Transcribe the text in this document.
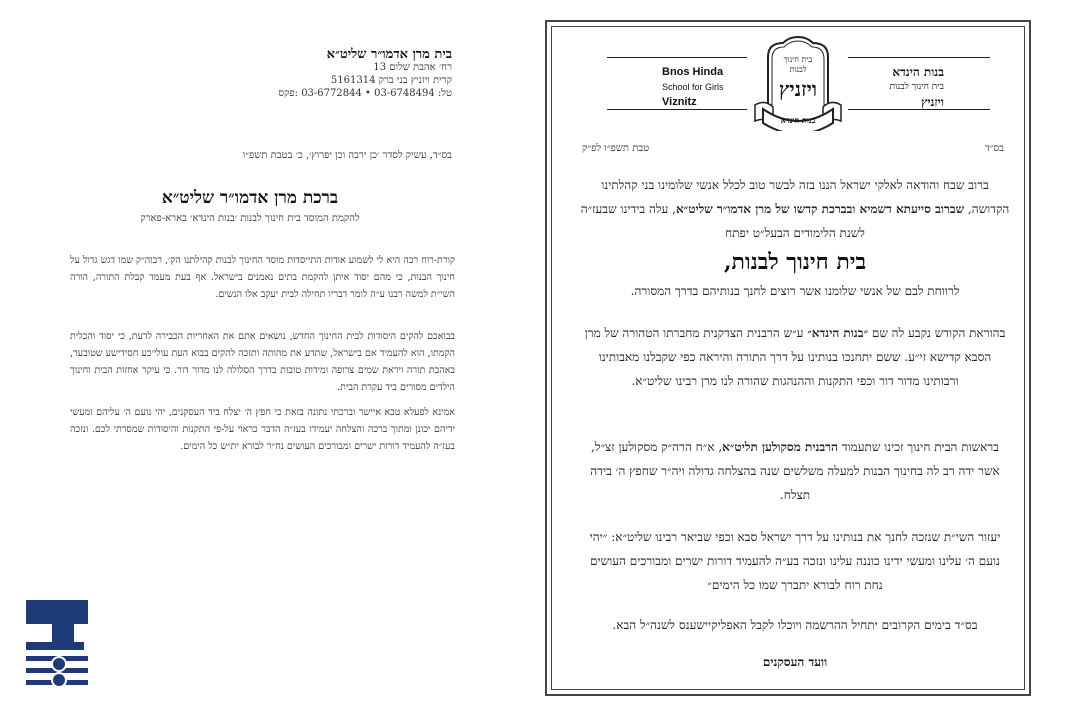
בית מרן אדמו״ר שליט״א
רח׳ אהבת שלום 13
קרית ויזניץ בני ברק 5161314
טל: 03-6748494 • 03-6772844 :פקס
בס״ד, עשיק לסדר ׳כן ירבה וכן יפרוץ׳, כ׳ בטבת תשפ״ו
ברכת מרן אדמו״ר שליט״א
להקמת המוסד בית חינוך לבנות ׳בנות הינדא׳ בארא-פארק
קורת-רוח רבה היא לי לשמוע אודות התייסדות מוסד החינוך לבנות קהילתנו הק׳, רבוה״ק שמו דגש גדול על חינוך הבנות, כי מהם יסוד איתן להקמת בתים נאמנים בישראל. אף בעת מעמד קבלת התורה, הורה השי״ת למשה רבנו ע״ה לומר דבריו תחילה לבית יעקב אלו הנשים.
בבואכם להקים היסודות לבית החינוך החדש, נושאים אתם את האחריות הכבירה לדעת, כי יסוד והכלית הקמתו, הוא להעמיד אם בישראל, שתדע את מהותה ותזכה להקים בבוא העת עולי׳כע חסידישע שטובער, באהבת תורה ויראת שמים צרופה ומידות טובות בדרך הסלולה לנו מדור דור. כי עיקר אחזות הבית וחינוך הילדים מסורים ביד עקרת הבית.
אמינא לפעלא טבא איישר וברכתי נתונה בזאת כי חפץ ה׳ יצלח ביד העסקנים, יהי נועם ה׳ עליהם ומעשי ידיהם יכונן ומתוך ברכה והצלחה יעמידו בעז״ה הדבר כראוי על-פי התקנות והיסודות שמסרתי לכם. ונזכה בעז״ה להעמיד דורות ישרים ומבורכים העושים נח״ר לבורא ית״ש כל הימים.
Bnos Hinda
School for Girls
Viznitz
בנות הינדא
בית חינוך לבנות
ויזניץ
בית חינוך
לבנות
ויזניץ
בנות הינדא
בס״ד
טבת תשפ״ו לפ״ק
ברוב שבח והודאה לאלקי ישראל הננו בזה לבשר טוב לכלל אנשי שלומינו בני קהלתינו הקדושה, שברוב סייעתא דשמיא ובברכת קדשו של מרן אדמו״ר שליט״א, עלה בידינו שבעז״ה לשנת הלימודים הבעל״ט יפתח
בית חינוך לבנות,
לרווחת לבם של אנשי שלומנו אשר רוצים לחנך בנותיהם בדרך המסורה.
בהוראת הקודש נקבע לה שם ״בנות הינדא״ ע״ש הרבנית הצדקנית מחברתו הטהורה של מרן הסבא קדישא זי״ע. ששם יתחנכו בנותינו על דרך התורה והיראה כפי שקבלנו מאבותינו ורבותינו מדור דור וכפי התקנות וההנהגות שהורה לנו מרן רבינו שליט״א.
בראשות הבית חינוך זכינו שתעמוד הרבנית מסקולען תליט״א, א״ח הרה״ק מסקולען זצ״ל, אשר ידה רב לה בחינוך הבנות למעלה משלשים שנה בהצלחה גדולה ויה״ר שחפץ ה׳ בידה תצלח.
יעזור השי״ת שנזכה לחנך את בנותינו על דרך ישראל סבא וכפי שביאר רבינו שליט״א: ״יהי נועם ה׳ עלינו ומעשי ידינו כוננה עלינו ונזכה בע״ה להעמיד דורות ישרים ומבורכים העושים נחת רוח לבורא יתברך שמו כל הימים״
בס״ד בימים הקרובים יתחיל ההרשמה ויוכלו לקבל האפליקיישענס לשנה״ל הבא.
וועד העסקנים
